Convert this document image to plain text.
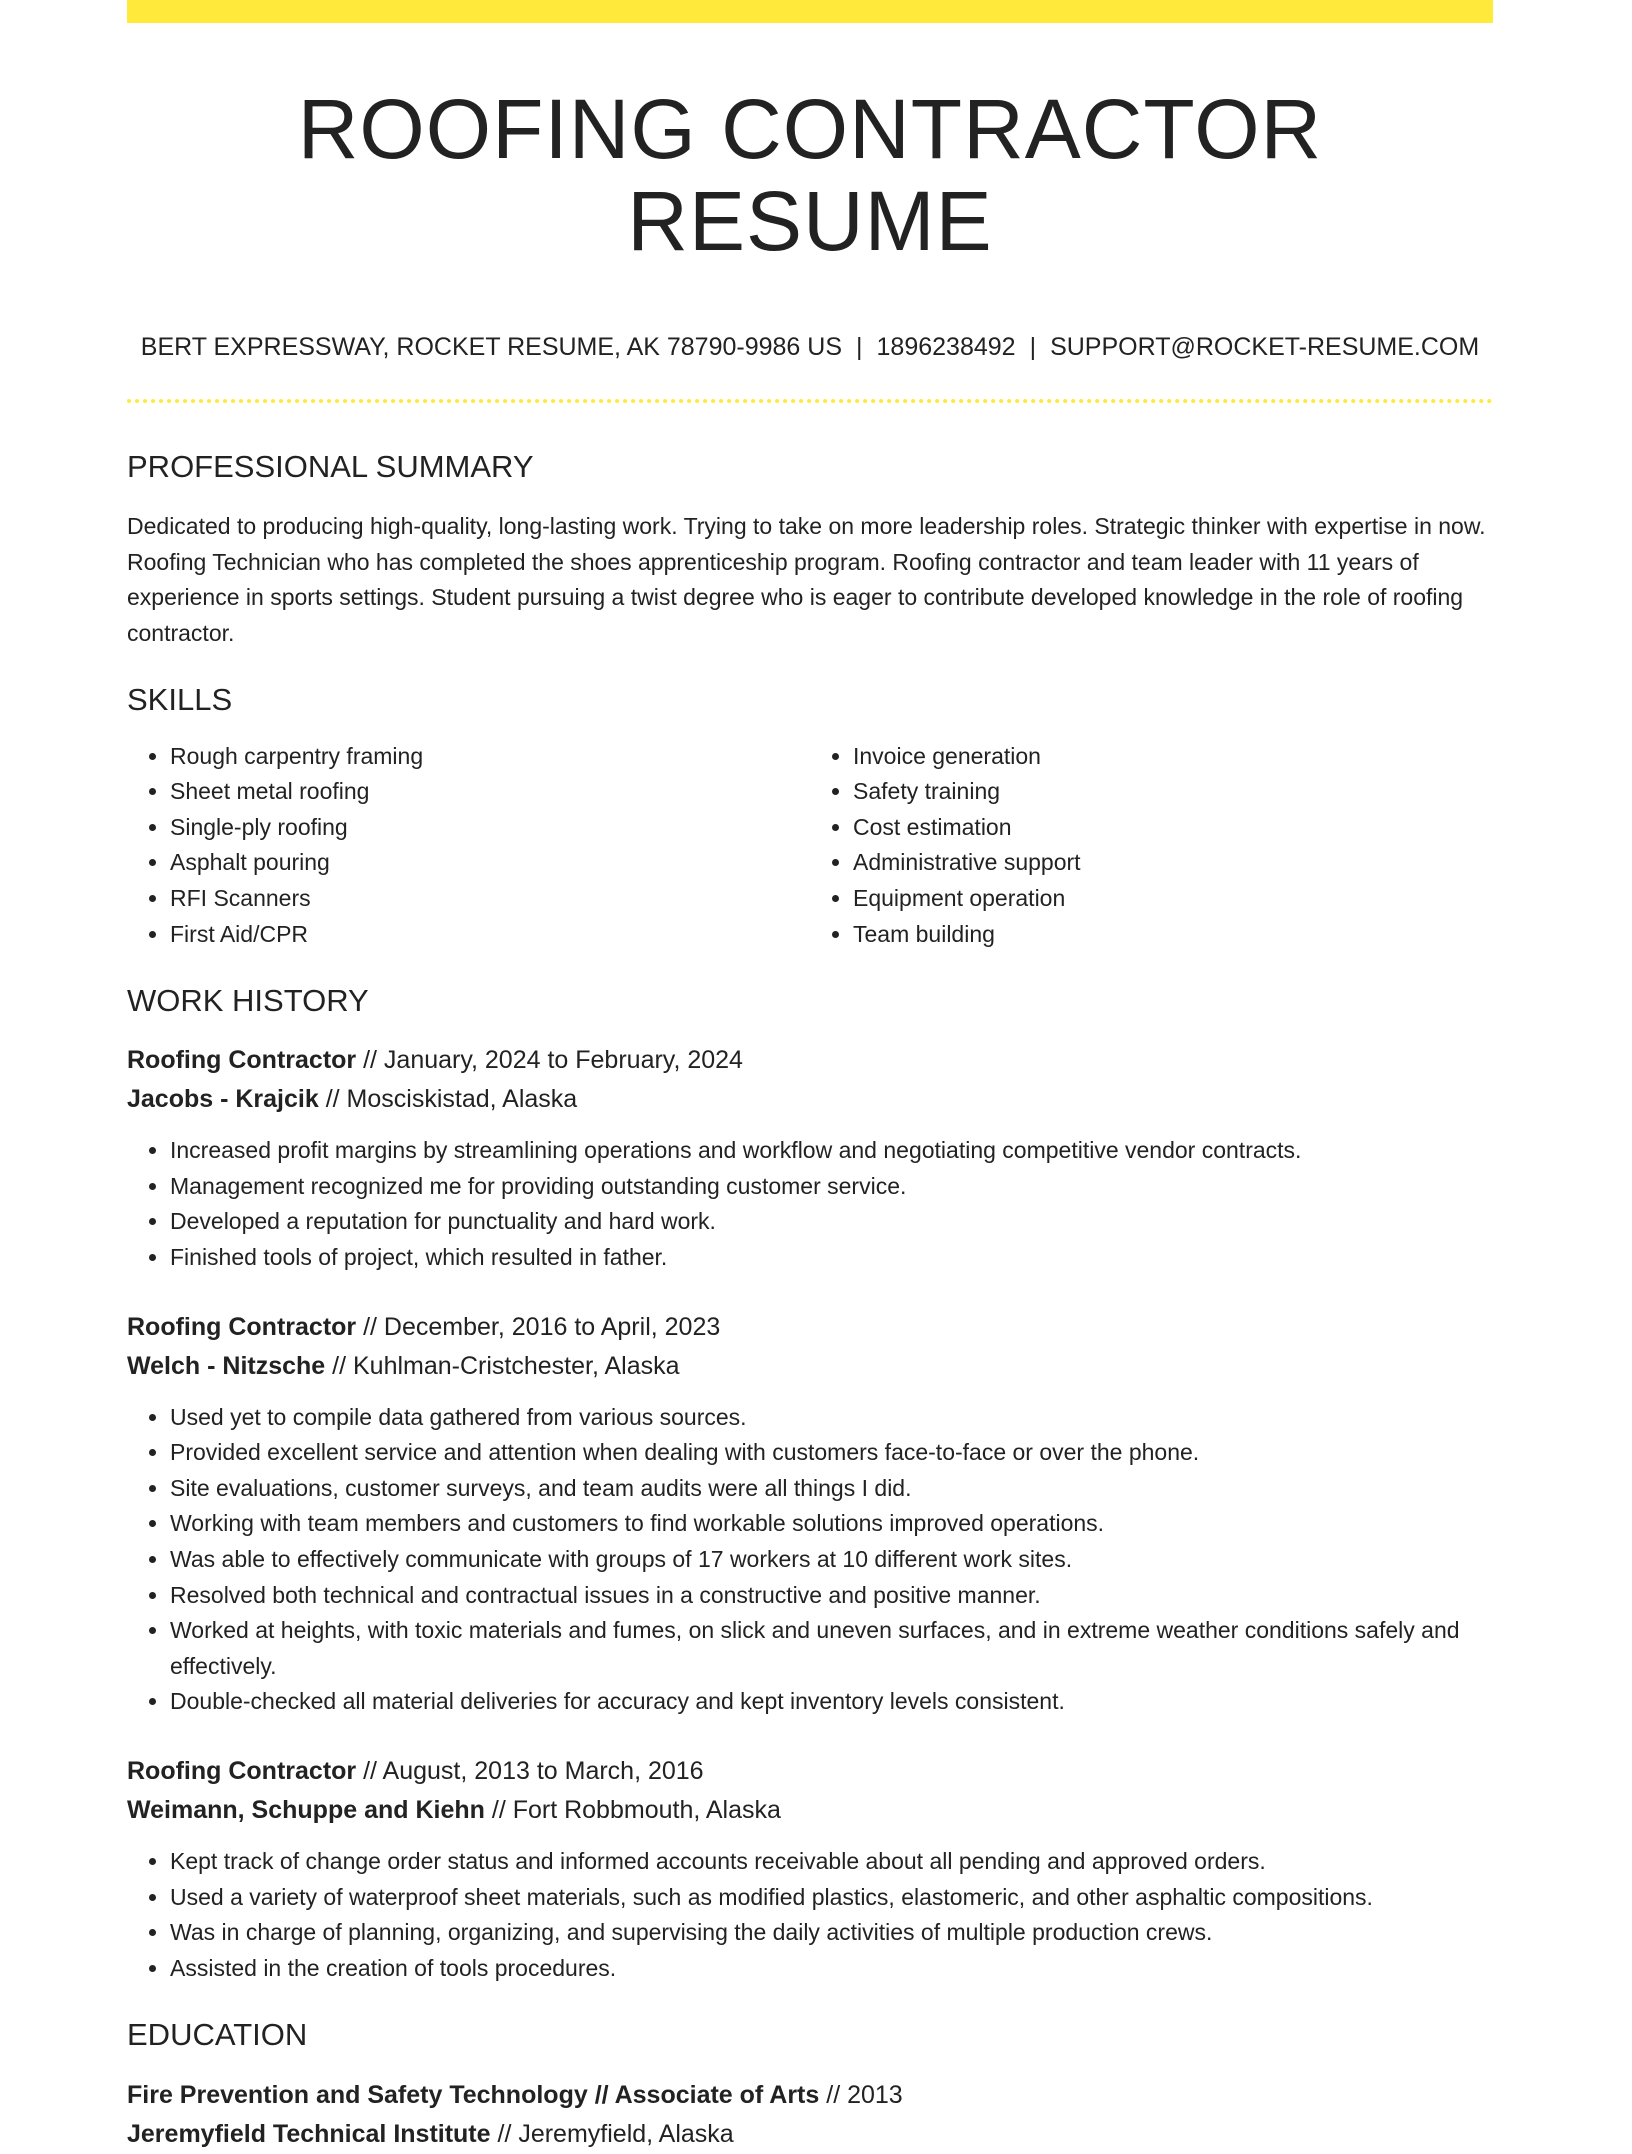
ROOFING CONTRACTOR RESUME
BERT EXPRESSWAY, ROCKET RESUME, AK 78790-9986 US | 1896238492 | SUPPORT@ROCKET-RESUME.COM
PROFESSIONAL SUMMARY
Dedicated to producing high-quality, long-lasting work. Trying to take on more leadership roles. Strategic thinker with expertise in now. Roofing Technician who has completed the shoes apprenticeship program. Roofing contractor and team leader with 11 years of experience in sports settings. Student pursuing a twist degree who is eager to contribute developed knowledge in the role of roofing contractor.
SKILLS
• Rough carpentry framing
• Sheet metal roofing
• Single-ply roofing
• Asphalt pouring
• RFI Scanners
• First Aid/CPR
• Invoice generation
• Safety training
• Cost estimation
• Administrative support
• Equipment operation
• Team building
WORK HISTORY
Roofing Contractor // January, 2024 to February, 2024
Jacobs - Krajcik // Mosciskistad, Alaska
• Increased profit margins by streamlining operations and workflow and negotiating competitive vendor contracts.
• Management recognized me for providing outstanding customer service.
• Developed a reputation for punctuality and hard work.
• Finished tools of project, which resulted in father.
Roofing Contractor // December, 2016 to April, 2023
Welch - Nitzsche // Kuhlman-Cristchester, Alaska
• Used yet to compile data gathered from various sources.
• Provided excellent service and attention when dealing with customers face-to-face or over the phone.
• Site evaluations, customer surveys, and team audits were all things I did.
• Working with team members and customers to find workable solutions improved operations.
• Was able to effectively communicate with groups of 17 workers at 10 different work sites.
• Resolved both technical and contractual issues in a constructive and positive manner.
• Worked at heights, with toxic materials and fumes, on slick and uneven surfaces, and in extreme weather conditions safely and effectively.
• Double-checked all material deliveries for accuracy and kept inventory levels consistent.
Roofing Contractor // August, 2013 to March, 2016
Weimann, Schuppe and Kiehn // Fort Robbmouth, Alaska
• Kept track of change order status and informed accounts receivable about all pending and approved orders.
• Used a variety of waterproof sheet materials, such as modified plastics, elastomeric, and other asphaltic compositions.
• Was in charge of planning, organizing, and supervising the daily activities of multiple production crews.
• Assisted in the creation of tools procedures.
EDUCATION
Fire Prevention and Safety Technology // Associate of Arts // 2013
Jeremyfield Technical Institute // Jeremyfield, Alaska
